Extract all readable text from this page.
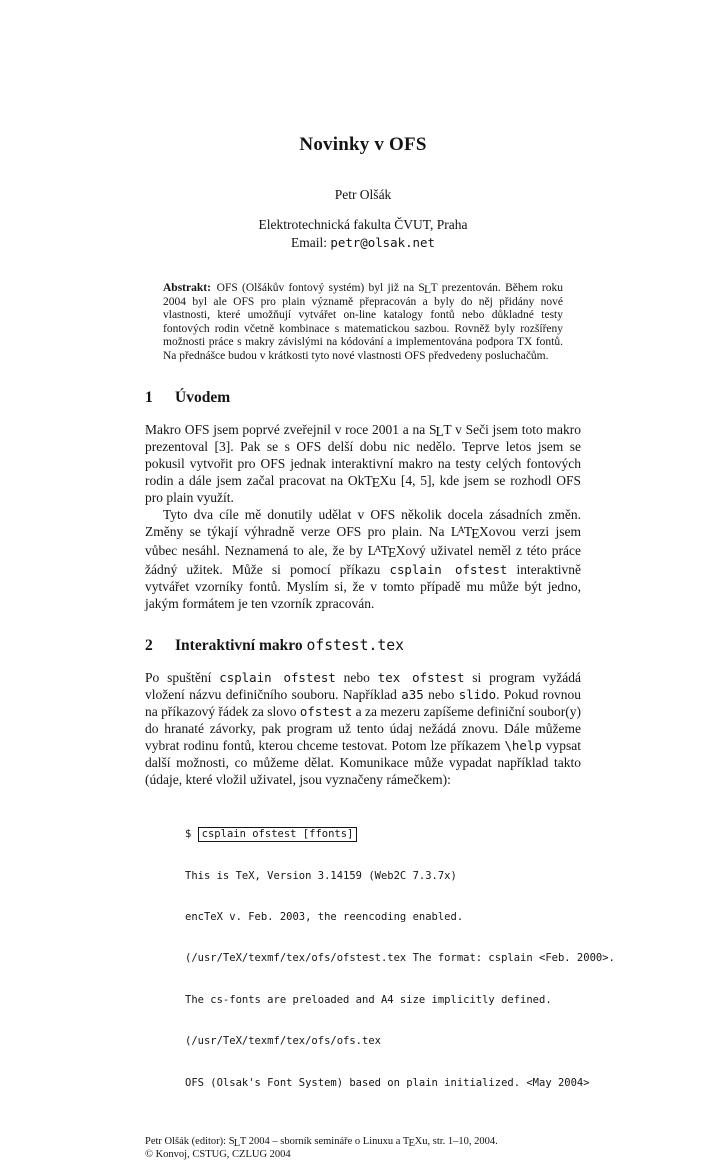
Novinky v OFS
Petr Olšák
Elektrotechnická fakulta ČVUT, Praha
Email: petr@olsak.net
Abstrakt: OFS (Olšákův fontový systém) byl již na SLT prezentován. Během roku 2004 byl ale OFS pro plain významě přepracován a byly do něj přidány nové vlastnosti, které umožňují vytvářet on-line katalogy fontů nebo důkladné testy fontových rodin včetně kombinace s matematickou sazbou. Rovněž byly rozšířeny možnosti práce s makry závislými na kódování a implementována podpora TX fontů. Na přednášce budou v krátkosti tyto nové vlastnosti OFS předvedeny posluchačům.
1 Úvodem

Makro OFS jsem poprvé zveřejnil v roce 2001 a na SLT v Seči jsem toto makro prezentoval [3]. Pak se s OFS delší dobu nic nedělo. Teprve letos jsem se pokusil vytvořit pro OFS jednak interaktivní makro na testy celých fontových rodin a dále jsem začal pracovat na OkTEXu [4, 5], kde jsem se rozhodl OFS pro plain využít.

Tyto dva cíle mě donutily udělat v OFS několik docela zásadních změn. Změny se týkají výhradně verze OFS pro plain. Na LATEXovou verzi jsem vůbec nesáhl. Neznamená to ale, že by LATEXový uživatel neměl z této práce žádný užitek. Může si pomocí příkazu csplain ofstest interaktivně vytvářet vzorníky fontů. Myslím si, že v tomto případě mu může být jedno, jakým formátem je ten vzorník zpracován.

2 Interaktivní makro ofstest.tex

Po spuštění csplain ofstest nebo tex ofstest si program vyžádá vložení názvu definičního souboru. Například a35 nebo slido. Pokud rovnou na příkazový řádek za slovo ofstest a za mezeru zapíšeme definiční soubor(y) do hranaté závorky, pak program už tento údaj nežádá znovu. Dále můžeme vybrat rodinu fontů, kterou chceme testovat. Potom lze příkazem \help vypsat další možnosti, co můžeme dělat. Komunikace může vypadat například takto (údaje, které vložil uživatel, jsou vyznačeny rámečkem):

$ csplain ofstest [ffonts]

This is TeX, Version 3.14159 (Web2C 7.3.7x)

encTeX v. Feb. 2003, the reencoding enabled.

(/usr/TeX/texmf/tex/ofs/ofstest.tex The format: csplain <Feb. 2000>.

The cs-fonts are preloaded and A4 size implicitly defined.

(/usr/TeX/texmf/tex/ofs/ofs.tex

OFS (Olsak's Font System) based on plain initialized. <May 2004>

Petr Olšák (editor): SLT 2004 – sborník semináře o Linuxu a TEXu, str. 1–10, 2004.
© Konvoj, CSTUG, CZLUG 2004
